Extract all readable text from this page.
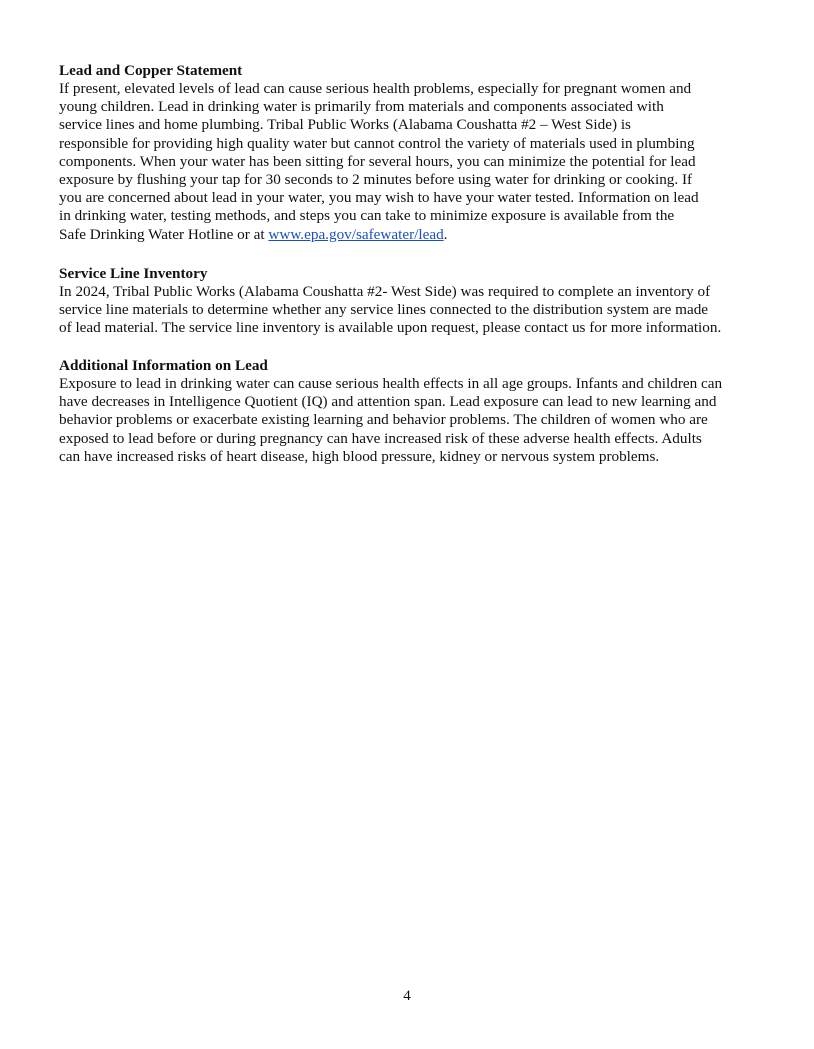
Lead and Copper Statement
If present, elevated levels of lead can cause serious health problems, especially for pregnant women and
young children. Lead in drinking water is primarily from materials and components associated with
service lines and home plumbing. Tribal Public Works (Alabama Coushatta #2 – West Side) is
responsible for providing high quality water but cannot control the variety of materials used in plumbing
components. When your water has been sitting for several hours, you can minimize the potential for lead
exposure by flushing your tap for 30 seconds to 2 minutes before using water for drinking or cooking. If
you are concerned about lead in your water, you may wish to have your water tested. Information on lead
in drinking water, testing methods, and steps you can take to minimize exposure is available from the
Safe Drinking Water Hotline or at www.epa.gov/safewater/lead.
Service Line Inventory
In 2024, Tribal Public Works (Alabama Coushatta #2- West Side) was required to complete an inventory of
service line materials to determine whether any service lines connected to the distribution system are made
of lead material. The service line inventory is available upon request, please contact us for more information.
Additional Information on Lead
Exposure to lead in drinking water can cause serious health effects in all age groups. Infants and children can
have decreases in Intelligence Quotient (IQ) and attention span. Lead exposure can lead to new learning and
behavior problems or exacerbate existing learning and behavior problems. The children of women who are
exposed to lead before or during pregnancy can have increased risk of these adverse health effects. Adults
can have increased risks of heart disease, high blood pressure, kidney or nervous system problems.
4
